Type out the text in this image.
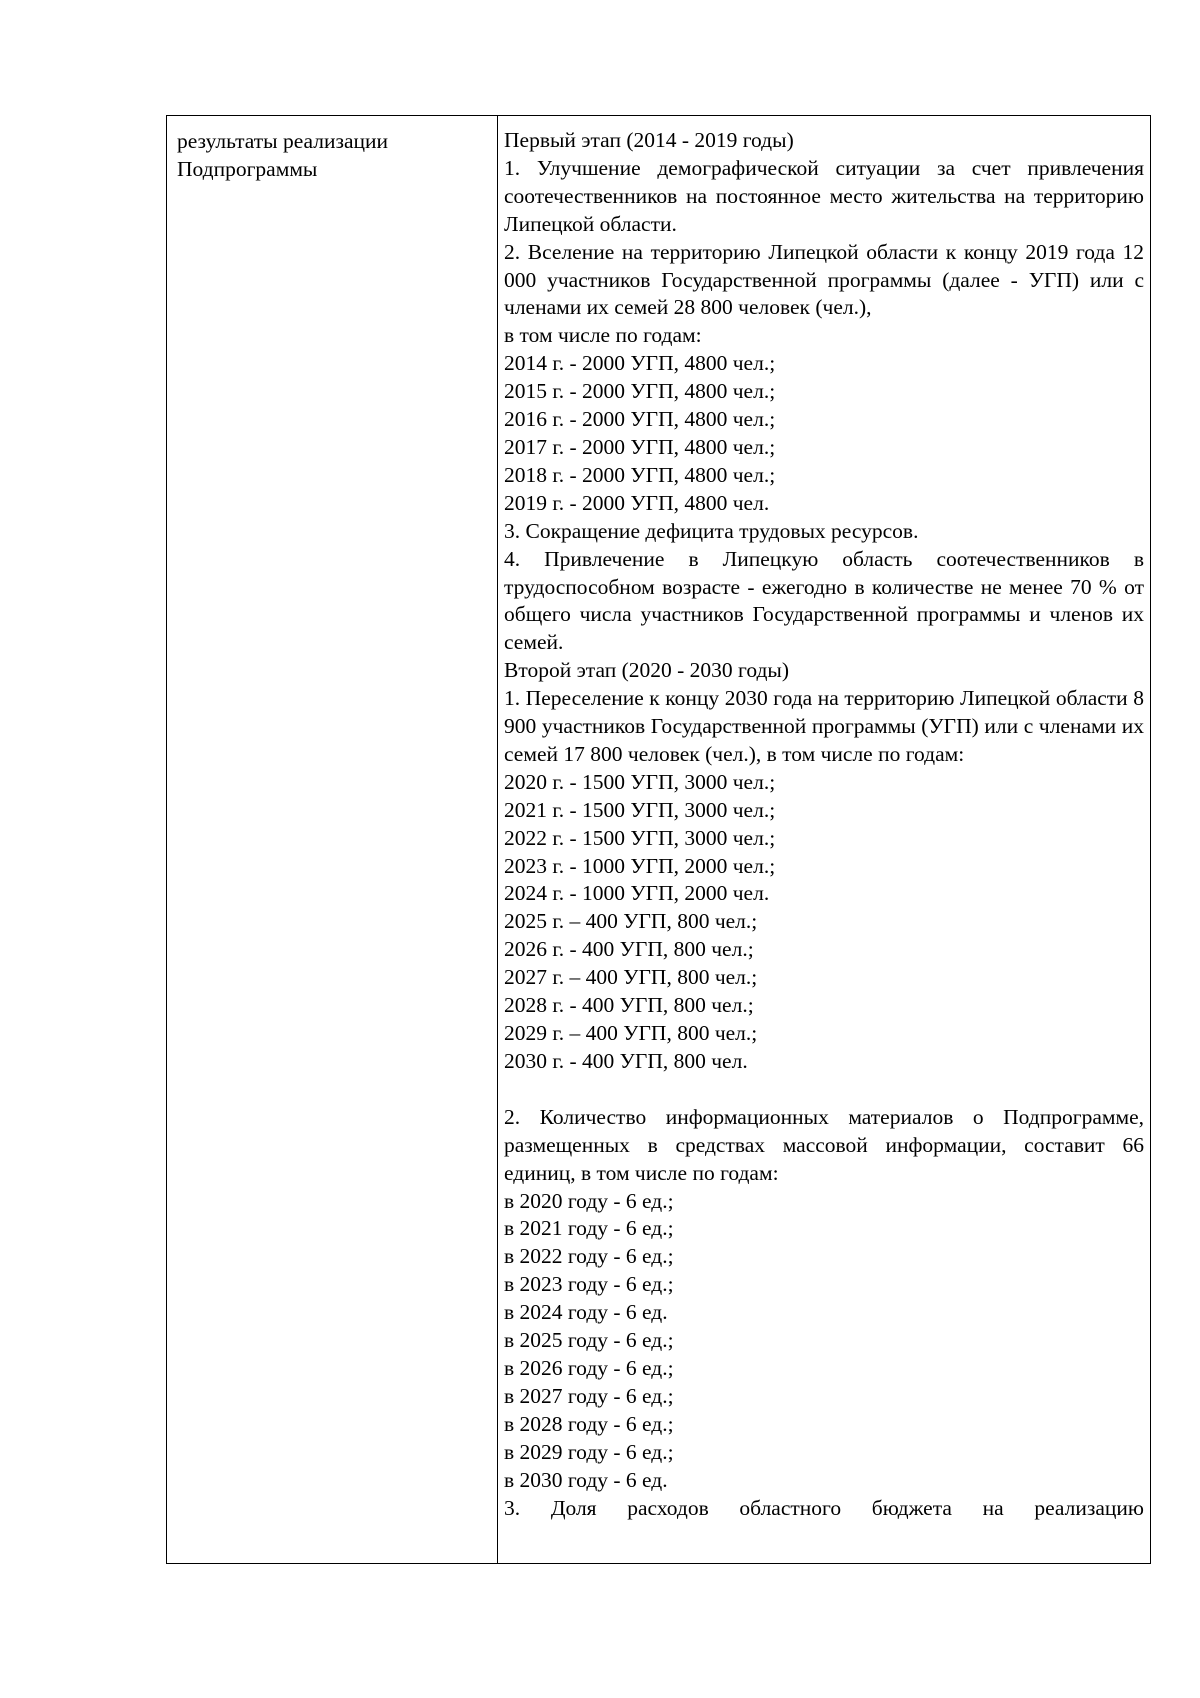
результаты реализации
Подпрограммы

Первый этап (2014 - 2019 годы)
1. Улучшение демографической ситуации за счет привлечения соотечественников на постоянное место жительства на территорию Липецкой области.
2. Вселение на территорию Липецкой области к концу 2019 года 12 000 участников Государственной программы (далее - УГП) или с членами их семей 28 800 человек (чел.),
в том числе по годам:
2014 г. - 2000 УГП, 4800 чел.;
2015 г. - 2000 УГП, 4800 чел.;
2016 г. - 2000 УГП, 4800 чел.;
2017 г. - 2000 УГП, 4800 чел.;
2018 г. - 2000 УГП, 4800 чел.;
2019 г. - 2000 УГП, 4800 чел.
3. Сокращение дефицита трудовых ресурсов.
4. Привлечение в Липецкую область соотечественников в трудоспособном возрасте - ежегодно в количестве не менее 70 % от общего числа участников Государственной программы и членов их семей.
Второй этап (2020 - 2030 годы)
1. Переселение к концу 2030 года на территорию Липецкой области 8 900 участников Государственной программы (УГП) или с членами их семей 17 800 человек (чел.), в том числе по годам:
2020 г. - 1500 УГП, 3000 чел.;
2021 г. - 1500 УГП, 3000 чел.;
2022 г. - 1500 УГП, 3000 чел.;
2023 г. - 1000 УГП, 2000 чел.;
2024 г. - 1000 УГП, 2000 чел.
2025 г. – 400 УГП, 800 чел.;
2026 г. - 400 УГП, 800 чел.;
2027 г. – 400 УГП, 800 чел.;
2028 г. - 400 УГП, 800 чел.;
2029 г. – 400 УГП, 800 чел.;
2030 г. - 400 УГП, 800 чел.
2. Количество информационных материалов о Подпрограмме, размещенных в средствах массовой информации, составит 66 единиц, в том числе по годам:
в 2020 году - 6 ед.;
в 2021 году - 6 ед.;
в 2022 году - 6 ед.;
в 2023 году - 6 ед.;
в 2024 году - 6 ед.
в 2025 году - 6 ед.;
в 2026 году - 6 ед.;
в 2027 году - 6 ед.;
в 2028 году - 6 ед.;
в 2029 году - 6 ед.;
в 2030 году - 6 ед.
3. Доля расходов областного бюджета на реализацию
